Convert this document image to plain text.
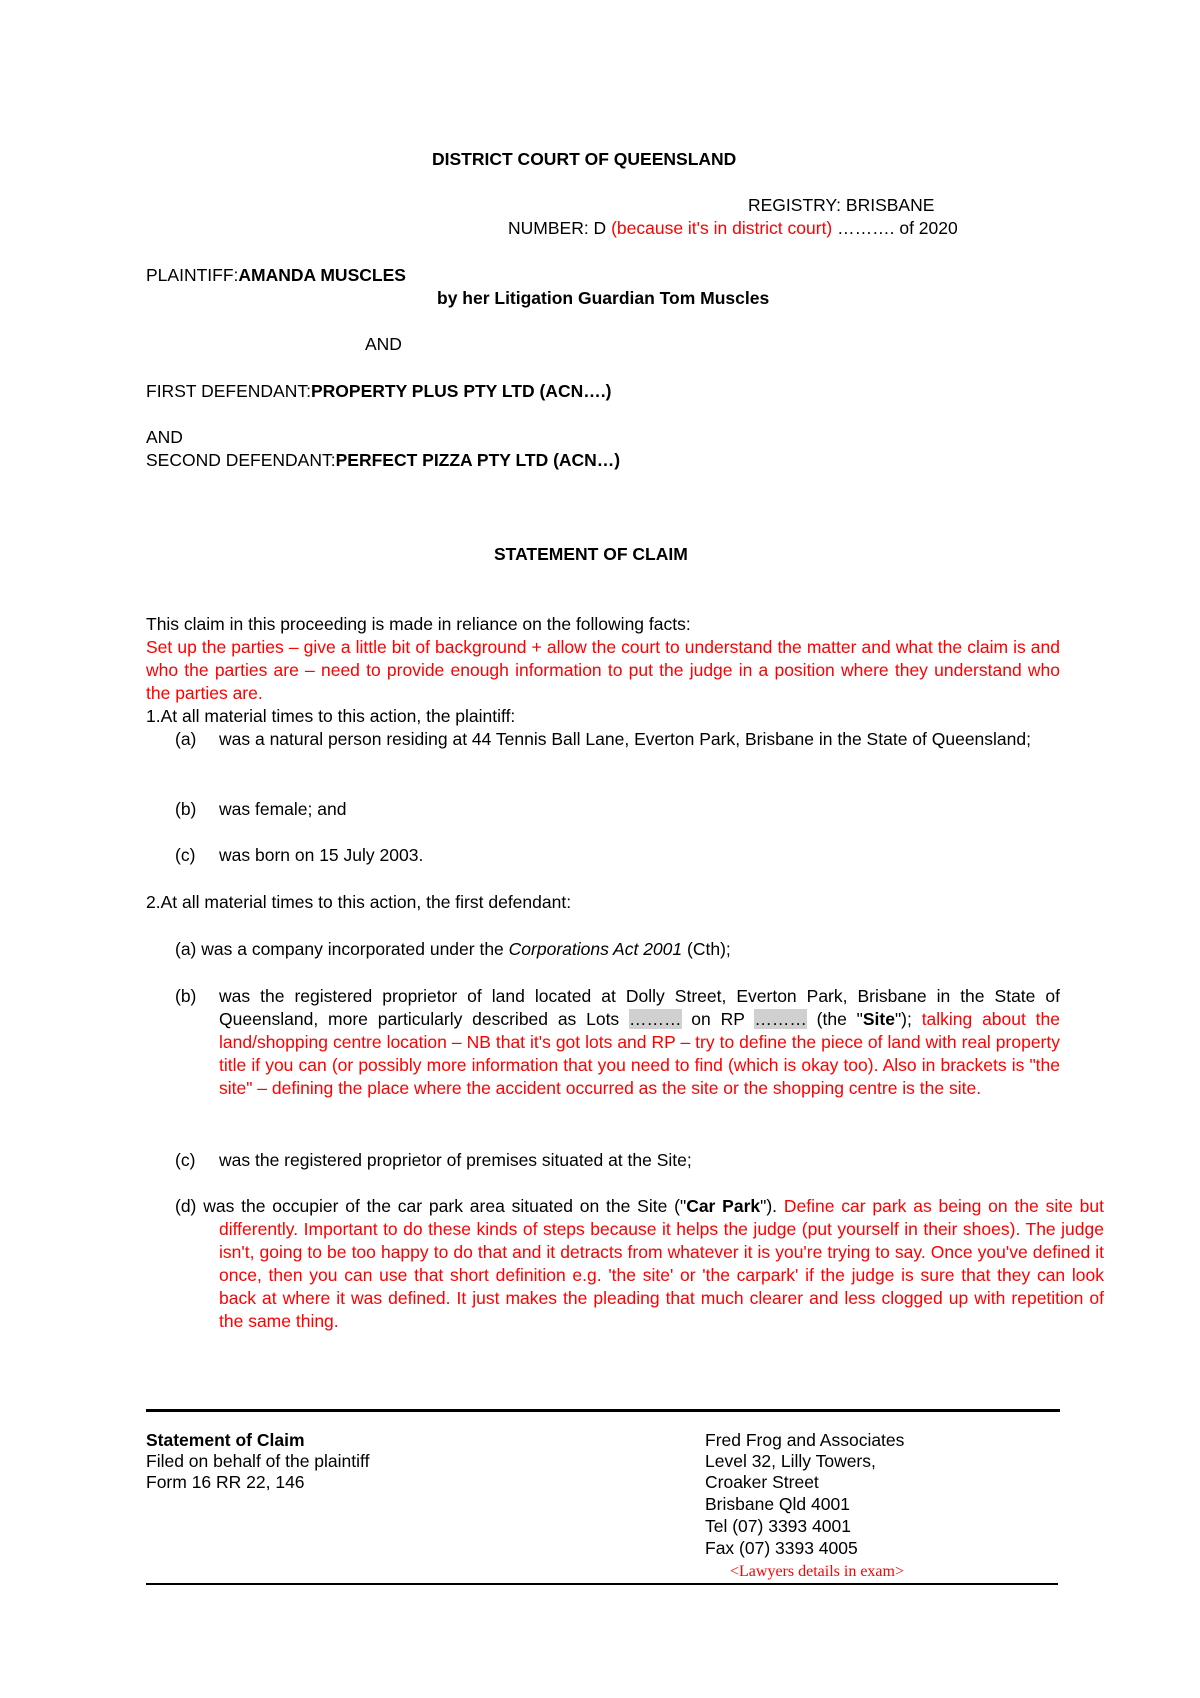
DISTRICT COURT OF QUEENSLAND
REGISTRY: BRISBANE
NUMBER: D (because it's in district court) ………. of 2020
PLAINTIFF:AMANDA MUSCLES
by her Litigation Guardian Tom Muscles
AND
FIRST DEFENDANT:PROPERTY PLUS PTY LTD (ACN….)
AND
SECOND DEFENDANT:PERFECT PIZZA PTY LTD (ACN…)
STATEMENT OF CLAIM
This claim in this proceeding is made in reliance on the following facts:
Set up the parties – give a little bit of background + allow the court to understand the matter and what the claim is and who the parties are – need to provide enough information to put the judge in a position where they understand who the parties are.
1.At all material times to this action, the plaintiff:
(a) was a natural person residing at 44 Tennis Ball Lane, Everton Park, Brisbane in the State of Queensland;
(b) was female; and
(c) was born on 15 July 2003.
2.At all material times to this action, the first defendant:
(a) was a company incorporated under the Corporations Act 2001 (Cth);
(b) was the registered proprietor of land located at Dolly Street, Everton Park, Brisbane in the State of Queensland, more particularly described as Lots ……… on RP ……… (the "Site"); talking about the land/shopping centre location – NB that it's got lots and RP – try to define the piece of land with real property title if you can (or possibly more information that you need to find (which is okay too). Also in brackets is "the site" – defining the place where the accident occurred as the site or the shopping centre is the site.
(c) was the registered proprietor of premises situated at the Site;
(d) was the occupier of the car park area situated on the Site ("Car Park"). Define car park as being on the site but differently. Important to do these kinds of steps because it helps the judge (put yourself in their shoes). The judge isn't, going to be too happy to do that and it detracts from whatever it is you're trying to say. Once you've defined it once, then you can use that short definition e.g. 'the site' or 'the carpark' if the judge is sure that they can look back at where it was defined. It just makes the pleading that much clearer and less clogged up with repetition of the same thing.
Statement of Claim
Filed on behalf of the plaintiff
Form 16 RR 22, 146
Fred Frog and Associates
Level 32, Lilly Towers,
Croaker Street
Brisbane Qld 4001
Tel (07) 3393 4001
Fax (07) 3393 4005
<Lawyers details in exam>
